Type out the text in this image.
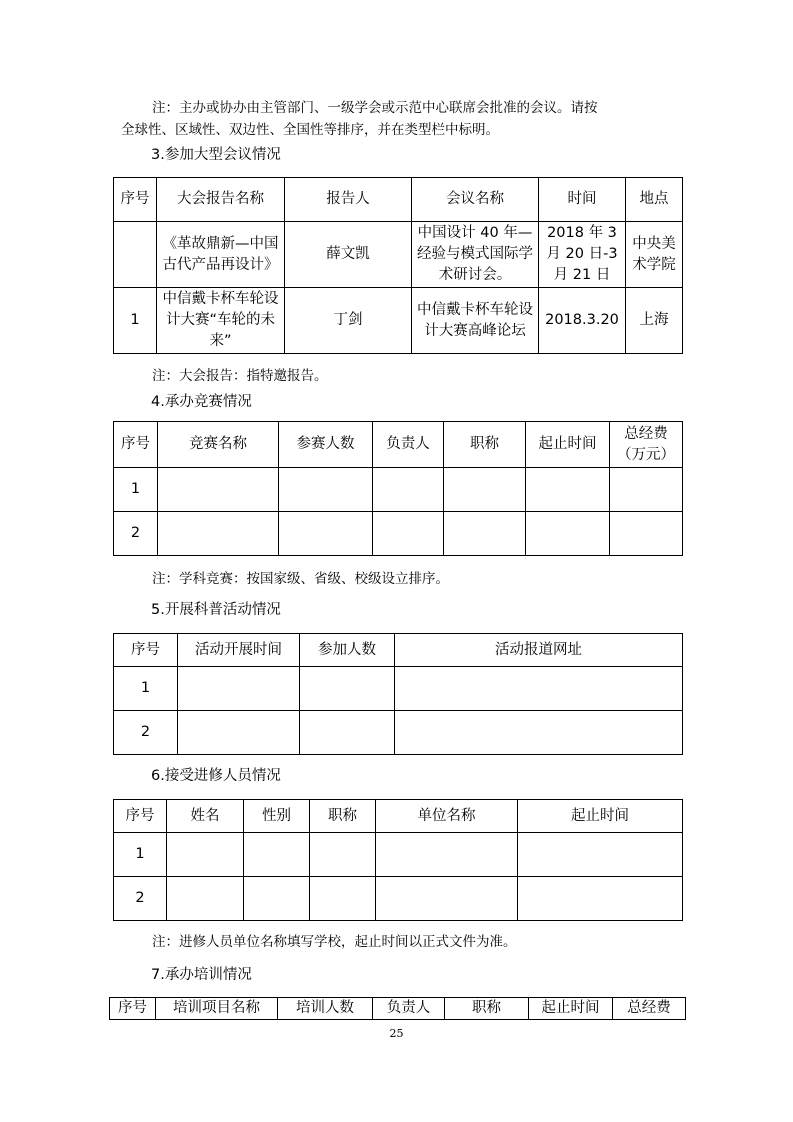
注：主办或协办由主管部门、一级学会或示范中心联席会批准的会议。请按
全球性、区域性、双边性、全国性等排序，并在类型栏中标明。
3.参加大型会议情况
序号	大会报告名称	报告人	会议名称	时间	地点
	《革故鼎新—中国古代产品再设计》	薛文凯	中国设计 40 年—经验与模式国际学术研讨会。	2018 年 3 月 20 日-3 月 21 日	中央美术学院
1	中信戴卡杯车轮设计大赛“车轮的未来”	丁剑	中信戴卡杯车轮设计大赛高峰论坛	2018.3.20	上海
注：大会报告：指特邀报告。
4.承办竞赛情况
序号	竞赛名称	参赛人数	负责人	职称	起止时间	总经费（万元）
1						
2						
注：学科竞赛：按国家级、省级、校级设立排序。
5.开展科普活动情况
序号	活动开展时间	参加人数	活动报道网址
1			
2			
6.接受进修人员情况
序号	姓名	性别	职称	单位名称	起止时间
1					
2					
注：进修人员单位名称填写学校，起止时间以正式文件为准。
7.承办培训情况
序号	培训项目名称	培训人数	负责人	职称	起止时间	总经费
25
